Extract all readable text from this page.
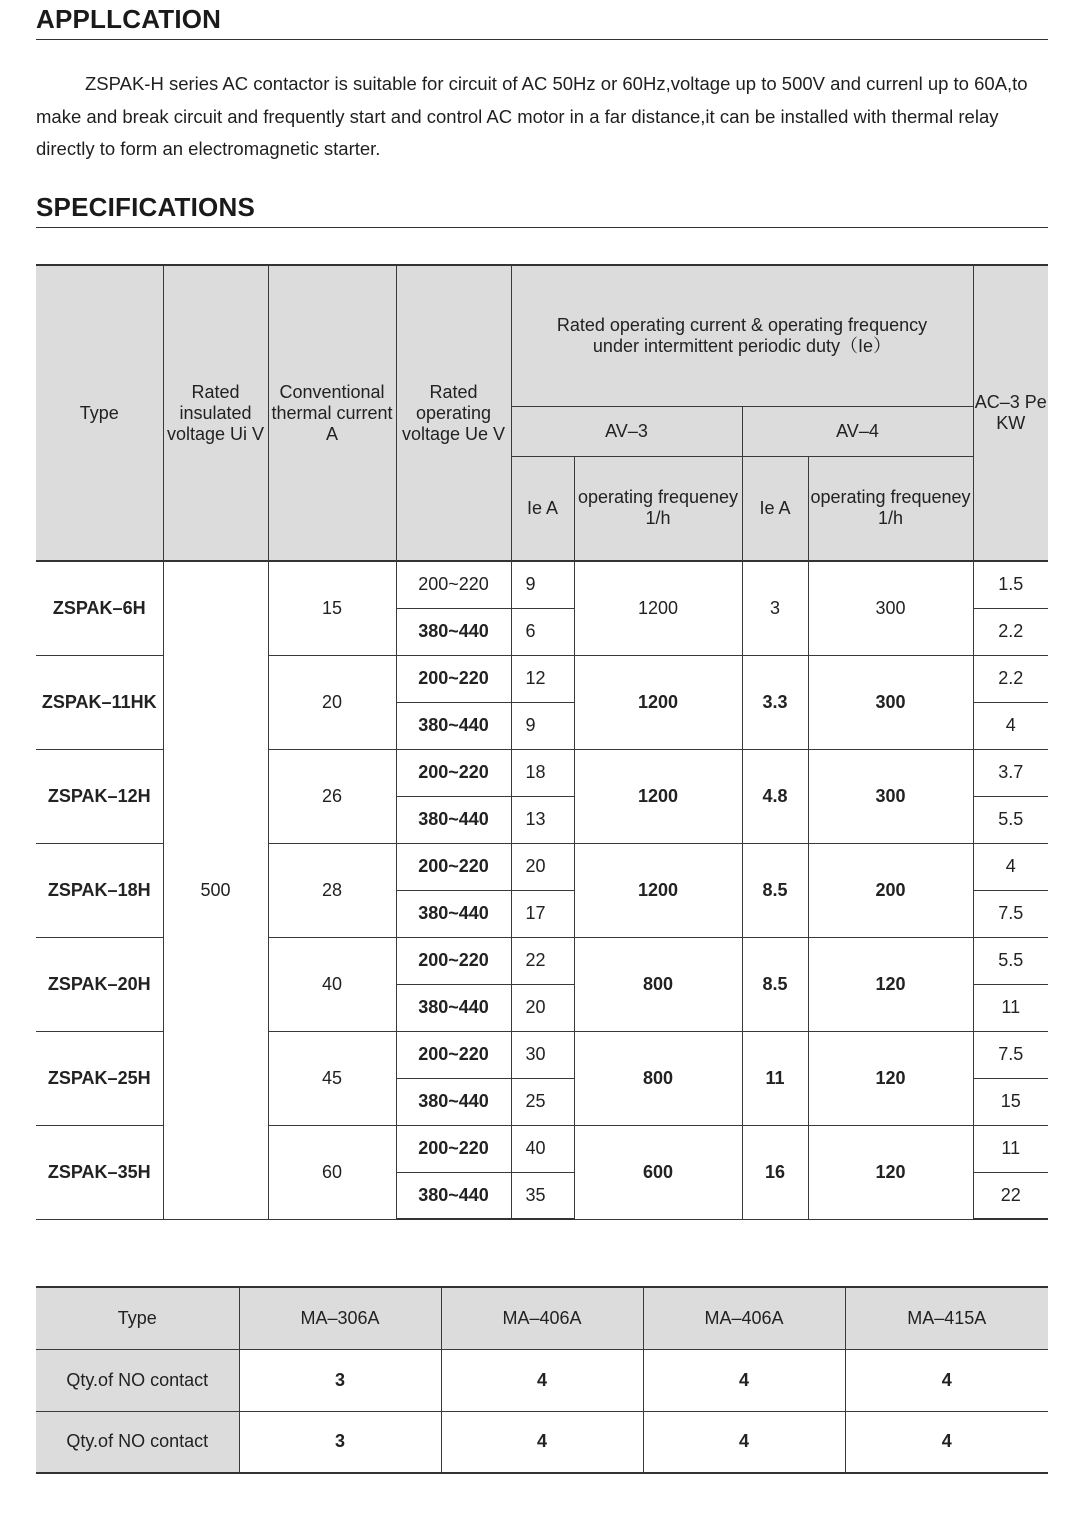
APPLLCATION

ZSPAK-H series AC contactor is suitable for circuit of AC 50Hz or 60Hz,voltage up to 500V and currenl up to 60A,to make and break circuit and frequently start and control AC motor in a far distance,it can be installed with thermal relay directly to form an electromagnetic starter.

SPECIFICATIONS
Type	Rated insulated voltage Ui V	Conventional thermal current A	Rated operating voltage Ue V	Rated operating current & operating frequency under intermittent periodic duty（Ie）				AC–3 Pe KW
				AV–3		AV–4		
				Ie A	operating frequeney 1/h	Ie A	operating frequeney 1/h	
ZSPAK–6H	500	15	200~220	9	1200	3	300	1.5
			380~440	6				2.2
ZSPAK–11HK		20	200~220	12	1200	3.3	300	2.2
			380~440	9				4
ZSPAK–12H		26	200~220	18	1200	4.8	300	3.7
			380~440	13				5.5
ZSPAK–18H		28	200~220	20	1200	8.5	200	4
			380~440	17				7.5
ZSPAK–20H		40	200~220	22	800	8.5	120	5.5
			380~440	20				11
ZSPAK–25H		45	200~220	30	800	11	120	7.5
			380~440	25				15
ZSPAK–35H		60	200~220	40	600	16	120	11
			380~440	35				22
Type	MA–306A	MA–406A	MA–406A	MA–415A
Qty.of NO contact	3	4	4	4
Qty.of NO contact	3	4	4	4
